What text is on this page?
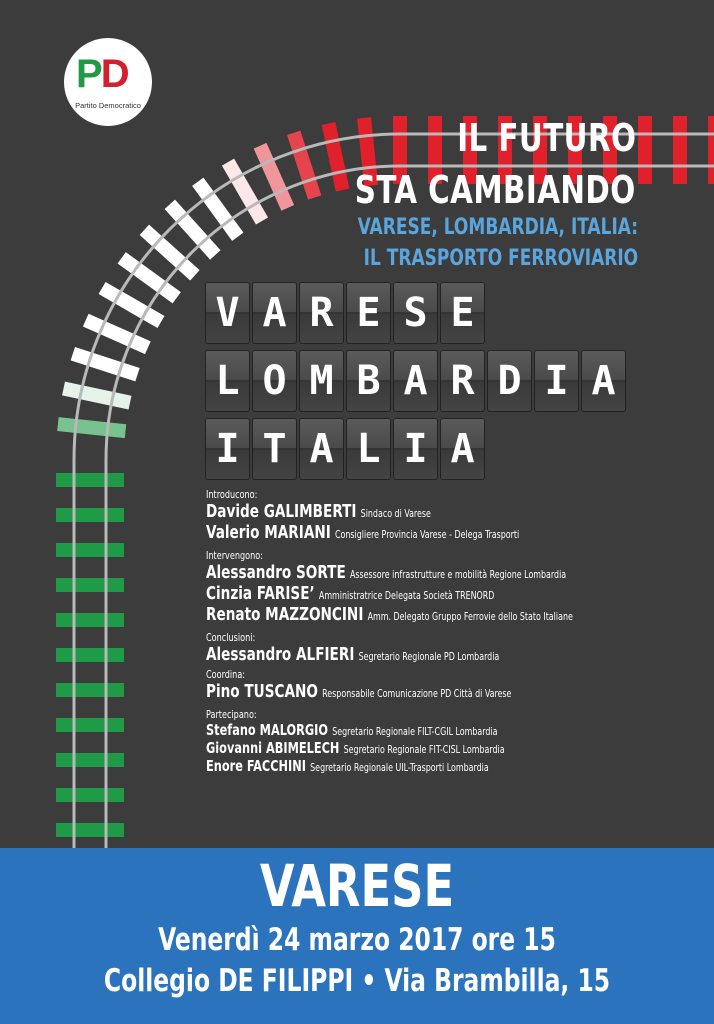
PD
Partito Democratico
IL FUTURO
STA CAMBIANDO
VARESE, LOMBARDIA, ITALIA:
IL TRASPORTO FERROVIARIO
V A R E S E
L O M B A R D I A
I T A L I A
Introducono:
Davide GALIMBERTI Sindaco di Varese
Valerio MARIANI Consigliere Provincia Varese - Delega Trasporti
Intervengono:
Alessandro SORTE Assessore infrastrutture e mobilità Regione Lombardia
Cinzia FARISE’ Amministratrice Delegata Società TRENORD
Renato MAZZONCINI Amm. Delegato Gruppo Ferrovie dello Stato Italiane
Conclusioni:
Alessandro ALFIERI Segretario Regionale PD Lombardia
Coordina:
Pino TUSCANO Responsabile Comunicazione PD Città di Varese
Partecipano:
Stefano MALORGIO Segretario Regionale FILT-CGIL Lombardia
Giovanni ABIMELECH Segretario Regionale FIT-CISL Lombardia
Enore FACCHINI Segretario Regionale UIL-Trasporti Lombardia
VARESE
Venerdì 24 marzo 2017 ore 15
Collegio DE FILIPPI • Via Brambilla, 15
